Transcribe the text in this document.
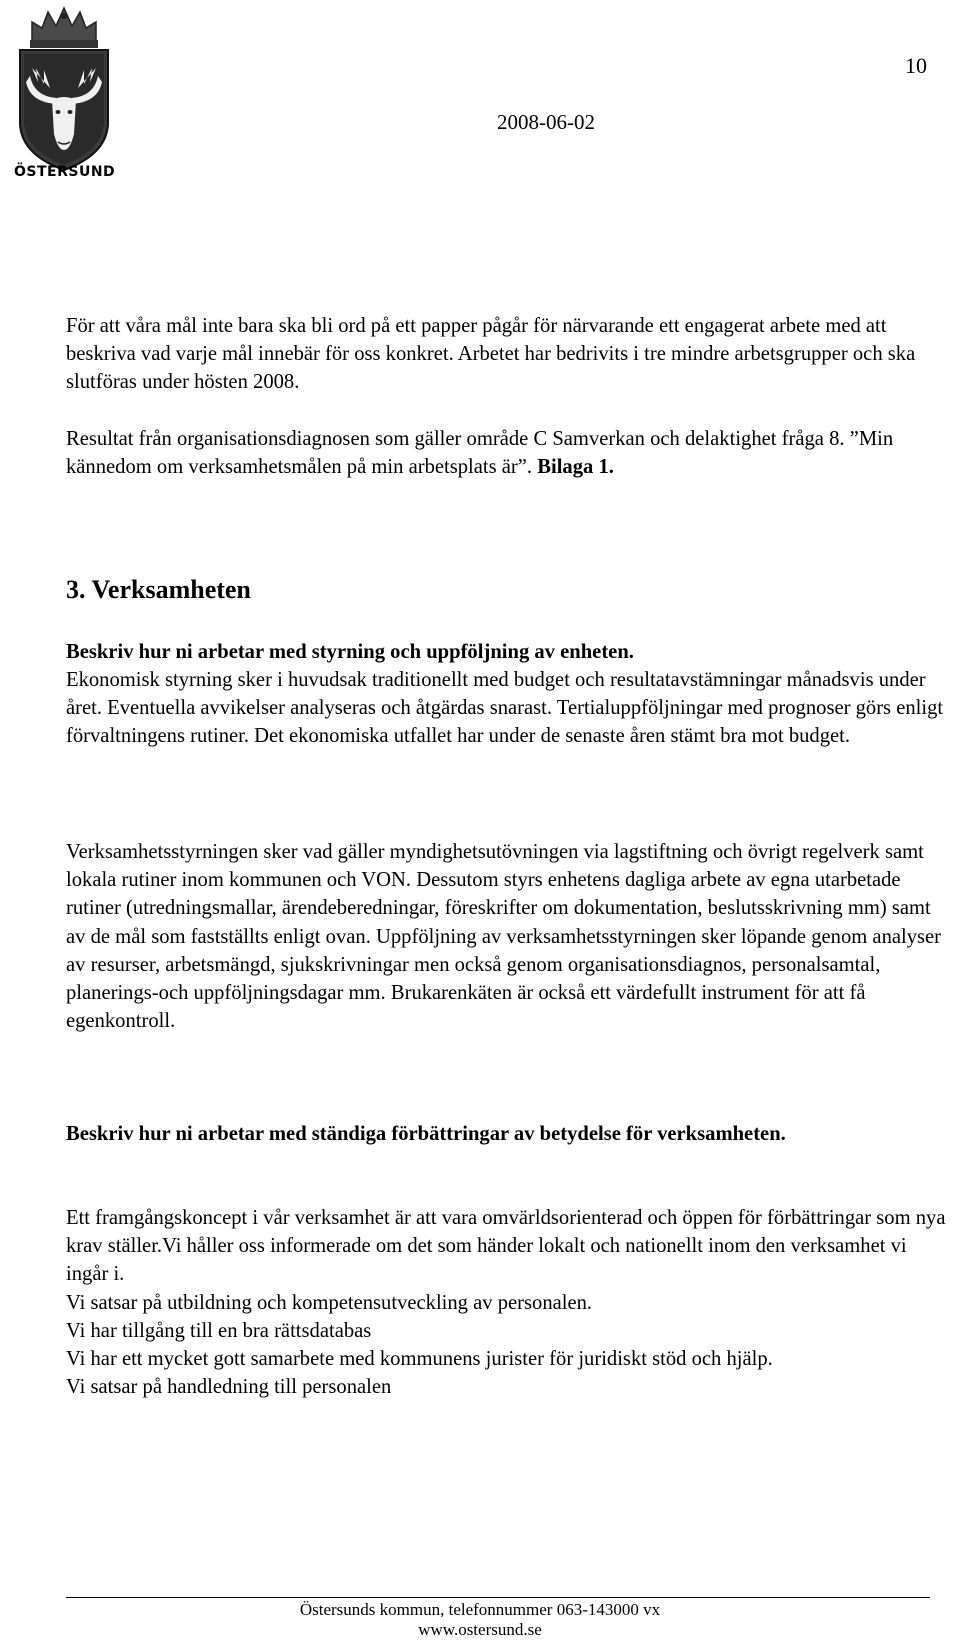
ÖSTERSUND
10
2008-06-02

För att våra mål inte bara ska bli ord på ett papper pågår för närvarande ett engagerat arbete med att beskriva vad varje mål innebär för oss konkret. Arbetet har bedrivits i tre mindre arbetsgrupper och ska slutföras under hösten 2008.

Resultat från organisationsdiagnosen som gäller område C Samverkan och delaktighet fråga 8. ”Min kännedom om verksamhetsmålen på min arbetsplats är”. Bilaga 1.

3. Verksamheten

Beskriv hur ni arbetar med styrning och uppföljning av enheten.

Ekonomisk styrning sker i huvudsak traditionellt med budget och resultatavstämningar månadsvis under året. Eventuella avvikelser analyseras och åtgärdas snarast. Tertialuppföljningar med prognoser görs enligt förvaltningens rutiner. Det ekonomiska utfallet har under de senaste åren stämt bra mot budget.

Verksamhetsstyrningen sker vad gäller myndighetsutövningen via lagstiftning och övrigt regelverk samt lokala rutiner inom kommunen och VON. Dessutom styrs enhetens dagliga arbete av egna utarbetade rutiner (utredningsmallar, ärendeberedningar, föreskrifter om dokumentation, beslutsskrivning mm) samt av de mål som fastställts enligt ovan. Uppföljning av verksamhetsstyrningen sker löpande genom analyser av resurser, arbetsmängd, sjukskrivningar men också genom organisationsdiagnos, personalsamtal, planerings-och uppföljningsdagar mm. Brukarenkäten är också ett värdefullt instrument för att få egenkontroll.

Beskriv hur ni arbetar med ständiga förbättringar av betydelse för verksamheten.

Ett framgångskoncept i vår verksamhet är att vara omvärldsorienterad och öppen för förbättringar som nya krav ställer.Vi håller oss informerade om det som händer lokalt och nationellt inom den verksamhet vi ingår i.
Vi satsar på utbildning och kompetensutveckling av personalen.
Vi har tillgång till en bra rättsdatabas
Vi har ett mycket gott samarbete med kommunens jurister för juridiskt stöd och hjälp.
Vi satsar på handledning till personalen
Östersunds kommun, telefonnummer 063-143000 vx
www.ostersund.se
